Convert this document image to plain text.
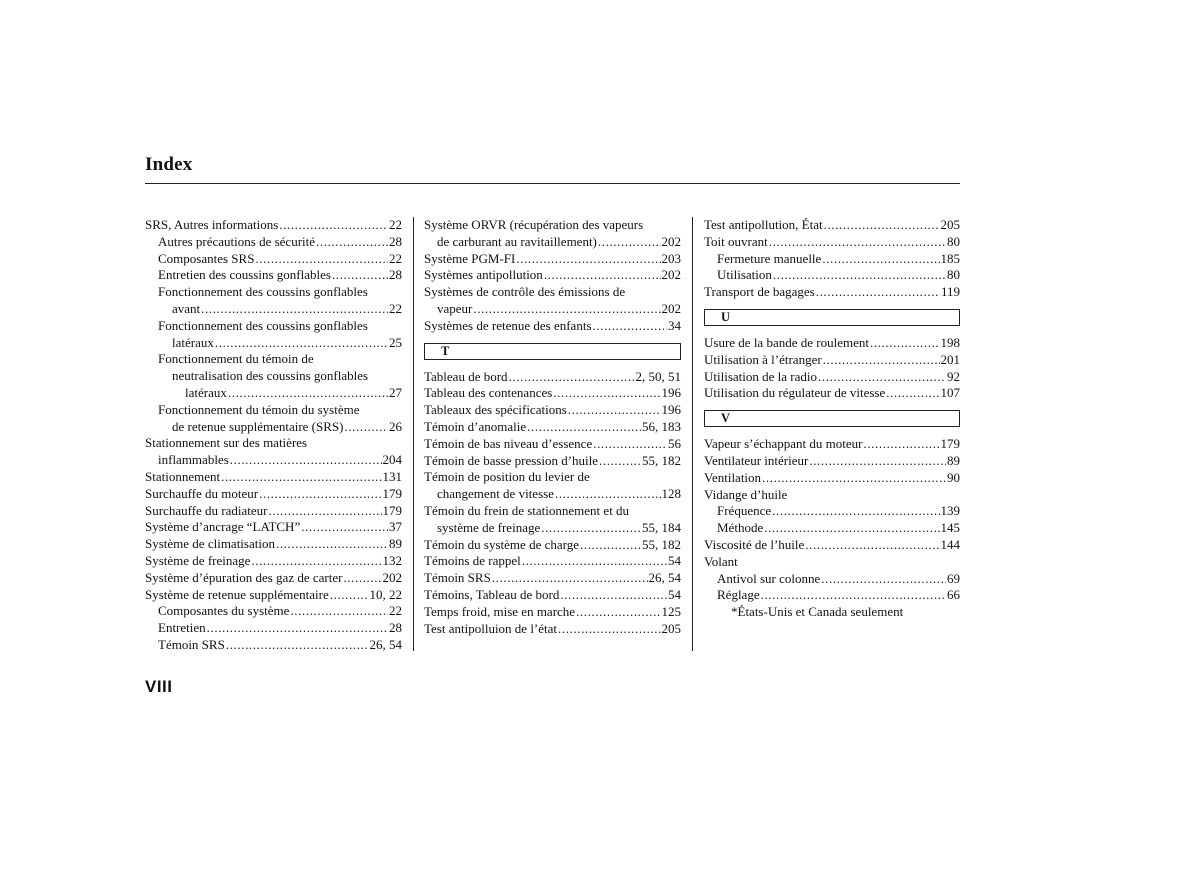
Index
SRS, Autres informations .....	22
Autres précautions de sécurité .....	28
Composantes SRS .....	22
Entretien des coussins gonflables .....	28
Fonctionnement des coussins gonflables
avant .....	22
Fonctionnement des coussins gonflables
latéraux .....	25
Fonctionnement du témoin de
neutralisation des coussins gonflables
latéraux .....	27
Fonctionnement du témoin du système
de retenue supplémentaire (SRS) .....	26
Stationnement sur des matières
inflammables .....	204
Stationnement .....	131
Surchauffe du moteur .....	179
Surchauffe du radiateur .....	179
Système d’ancrage “LATCH” .....	37
Système de climatisation .....	89
Système de freinage .....	132
Système d’épuration des gaz de carter .....	202
Système de retenue supplémentaire .....	10, 22
Composantes du système .....	22
Entretien .....	28
Témoin SRS .....	26, 54
Système ORVR (récupération des vapeurs
de carburant au ravitaillement) .....	202
Système PGM-FI .....	203
Systèmes antipollution .....	202
Systèmes de contrôle des émissions de
vapeur .....	202
Systèmes de retenue des enfants .....	34
T
Tableau de bord .....	2, 50, 51
Tableau des contenances .....	196
Tableaux des spécifications .....	196
Témoin d’anomalie .....	56, 183
Témoin de bas niveau d’essence .....	56
Témoin de basse pression d’huile .....	55, 182
Témoin de position du levier de
changement de vitesse .....	128
Témoin du frein de stationnement et du
système de freinage .....	55, 184
Témoin du système de charge .....	55, 182
Témoins de rappel .....	54
Témoin SRS .....	26, 54
Témoins, Tableau de bord .....	54
Temps froid, mise en marche .....	125
Test antipolluion de l’état .....	205
Test antipollution, État .....	205
Toit ouvrant .....	80
Fermeture manuelle .....	185
Utilisation .....	80
Transport de bagages .....	119
U
Usure de la bande de roulement .....	198
Utilisation à l’étranger .....	201
Utilisation de la radio .....	92
Utilisation du régulateur de vitesse .....	107
V
Vapeur s’échappant du moteur .....	179
Ventilateur intérieur .....	89
Ventilation .....	90
Vidange d’huile
Fréquence .....	139
Méthode .....	145
Viscosité de l’huile .....	144
Volant
Antivol sur colonne .....	69
Réglage .....	66
*États-Unis et Canada seulement
VIII
